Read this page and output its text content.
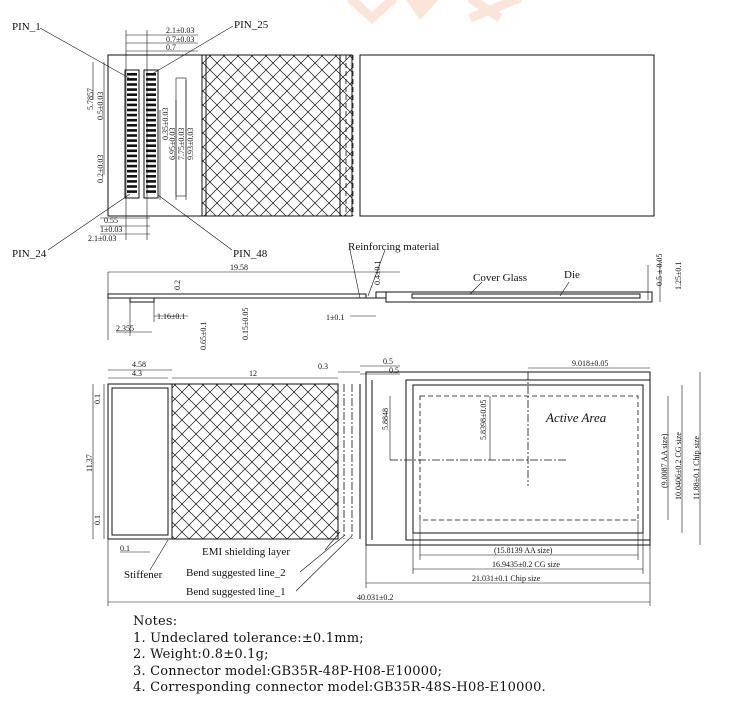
2.1±0.03
0.7±0.03
0.7
5.7857 0.5±0.03
0.2±0.03
0.35±0.03
6.95±0.03 7.75±0.03 9.93±0.03
0.55
1±0.03
2.1±0.03
PIN_1	PIN_25
PIN_24	PIN_48
19.58
0.2	0.4±0.1	0.5 ± 0.05 1.25±0.1
2.355
1.16±0.1
0.65±0.1	0.15±0.05	1±0.1
Reinforcing material
Cover Glass	Die
4.58
4.3	12
0.3
0.5
0.5
0.1
11.37
0.1
0.1
5.8848	5.8398±0.05
9.018±0.05
Active Area
(9.0087 AA size) 10.0406±0.2 CG size 11.88±0.1 Chip size
(15.8139 AA size)
16.9435±0.2 CG size
21.031±0.1 Chip size
40.031±0.2
Stiffener
EMI shielding layer
Bend suggested line_2
Bend suggested line_1
Notes:
1. Undeclared tolerance:±0.1mm;
2. Weight:0.8±0.1g;
3. Connector model:GB35R-48P-H08-E10000;
4. Corresponding connector model:GB35R-48S-H08-E10000.
